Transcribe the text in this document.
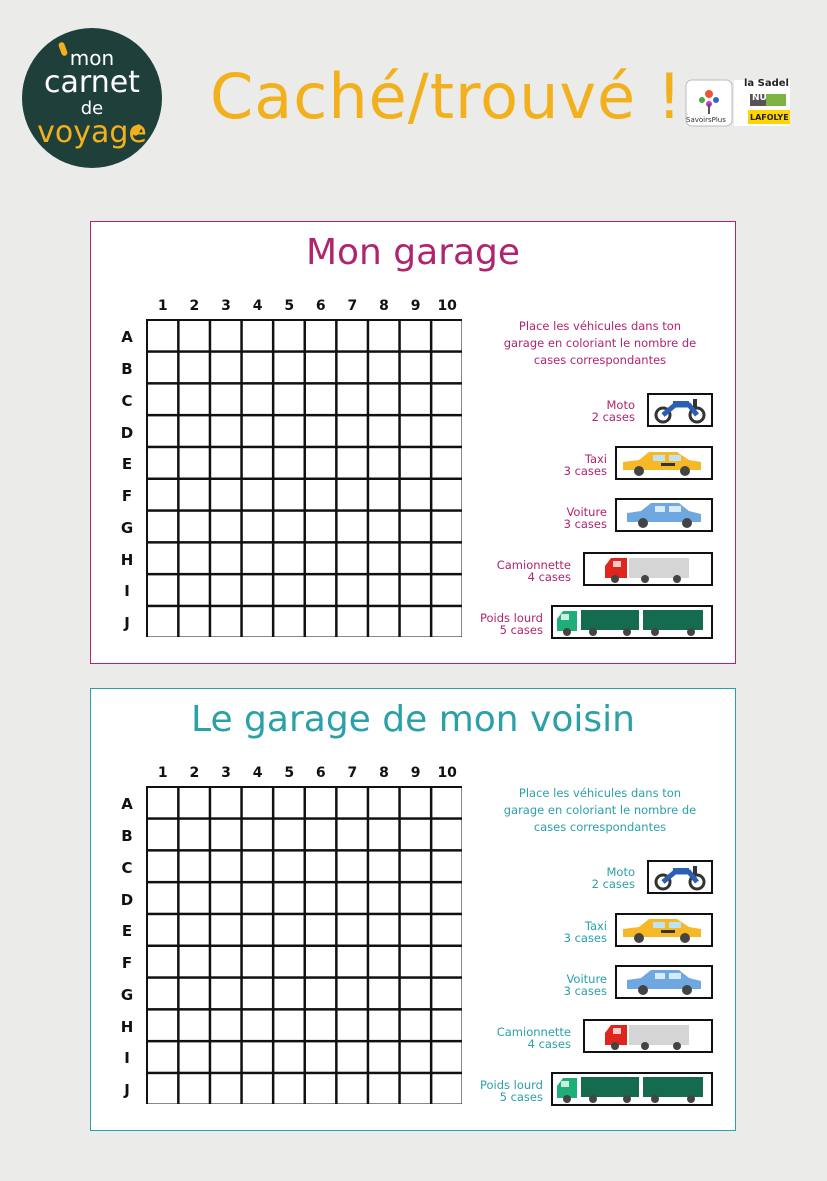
mon
carnet
de
voyage Caché/trouvé !	la Sadel
NU
SavoirsPlus	LAFOLYE
Mon garage
1	2	3	4	5	6	7	8	9	10
A
B
C
D
E
F
G
H
I
J
Place les véhicules dans ton
garage en coloriant le nombre de
cases correspondantes
Moto
2 cases
Taxi
3 cases
Voiture
3 cases
Camionnette
4 cases
Poids lourd
5 cases
Le garage de mon voisin
1	2	3	4	5	6	7	8	9	10
A
B
C
D
E
F
G
H
I
J
Place les véhicules dans ton
garage en coloriant le nombre de
cases correspondantes
Moto
2 cases
Taxi
3 cases
Voiture
3 cases
Camionnette
4 cases
Poids lourd
5 cases
